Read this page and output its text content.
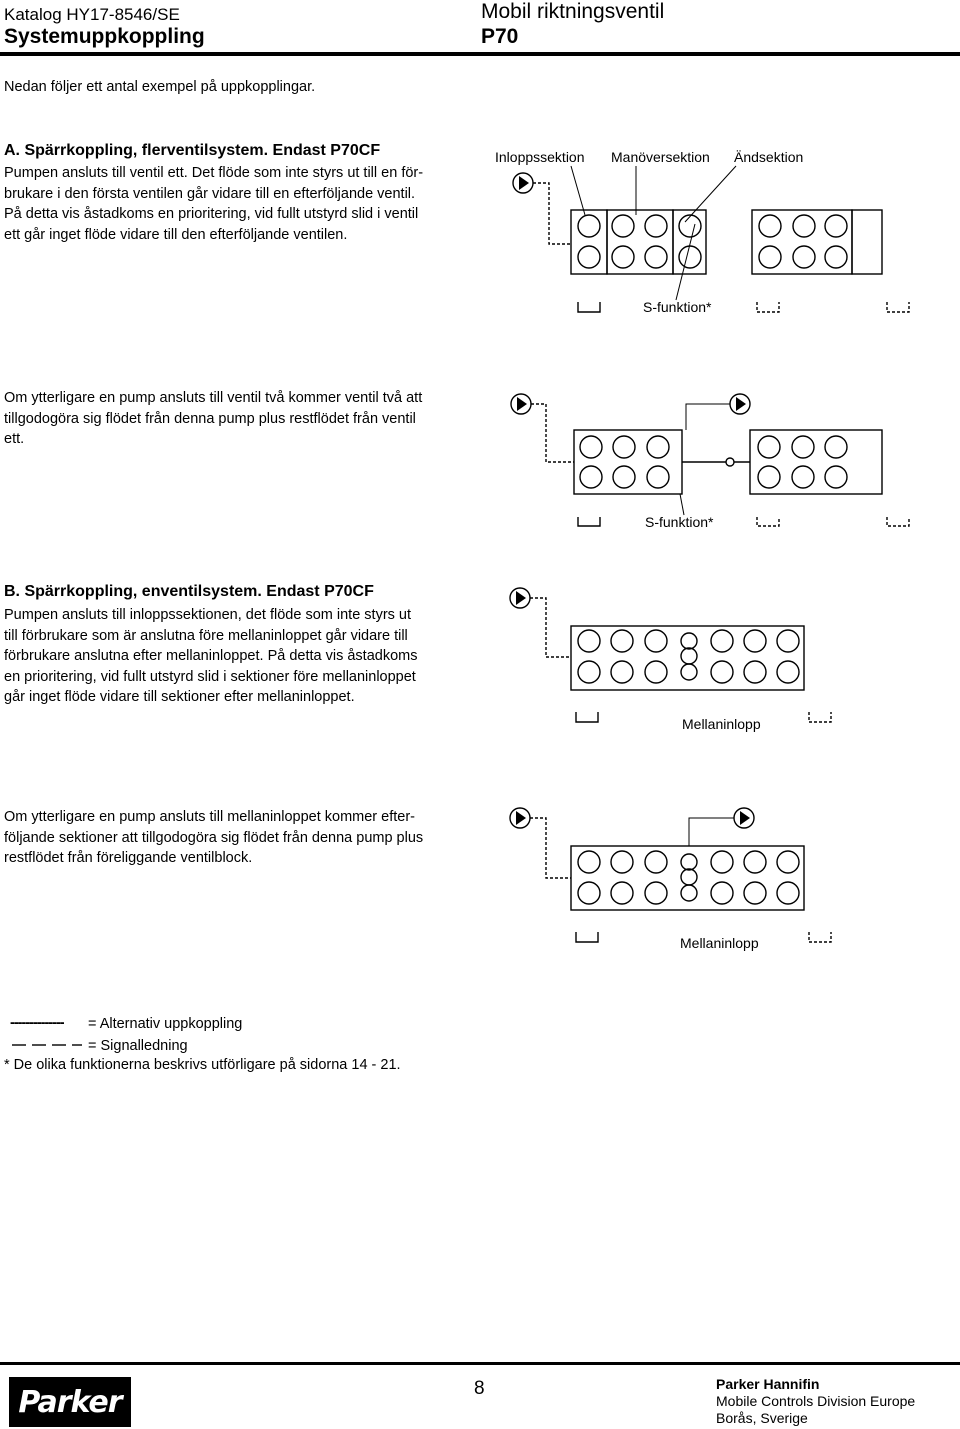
Katalog HY17-8546/SE
Systemuppkoppling
Mobil riktningsventil
P70
Nedan följer ett antal exempel på uppkopplingar.
A. Spärrkoppling, flerventilsystem. Endast P70CF
Pumpen ansluts till ventil ett. Det flöde som inte styrs ut till en för-
brukare i den första ventilen går vidare till en efterföljande ventil.
På detta vis åstadkoms en prioritering, vid fullt utstyrd slid i ventil
ett går inget flöde vidare till den efterföljande ventilen.
Inloppssektion Manöversektion Ändsektion
S-funktion*
Om ytterligare en pump ansluts till ventil två kommer ventil två att
tillgodogöra sig flödet från denna pump plus restflödet från ventil
ett.
S-funktion*
B. Spärrkoppling, enventilsystem. Endast P70CF
Pumpen ansluts till inloppssektionen, det flöde som inte styrs ut
till förbrukare som är anslutna före mellaninloppet går vidare till
förbrukare anslutna efter mellaninloppet. På detta vis åstadkoms
en prioritering, vid fullt utstyrd slid i sektioner före mellaninloppet
går inget flöde vidare till sektioner efter mellaninloppet.
Mellaninlopp
Om ytterligare en pump ansluts till mellaninloppet kommer efter-
följande sektioner att tillgodogöra sig flödet från denna pump plus
restflödet från föreliggande ventilblock.
Mellaninlopp
-------------- = Alternativ uppkoppling
= Signalledning
* De olika funktionerna beskrivs utförligare på sidorna 14 - 21.
Parker	8	Parker Hannifin
Mobile Controls Division Europe
Borås, Sverige
